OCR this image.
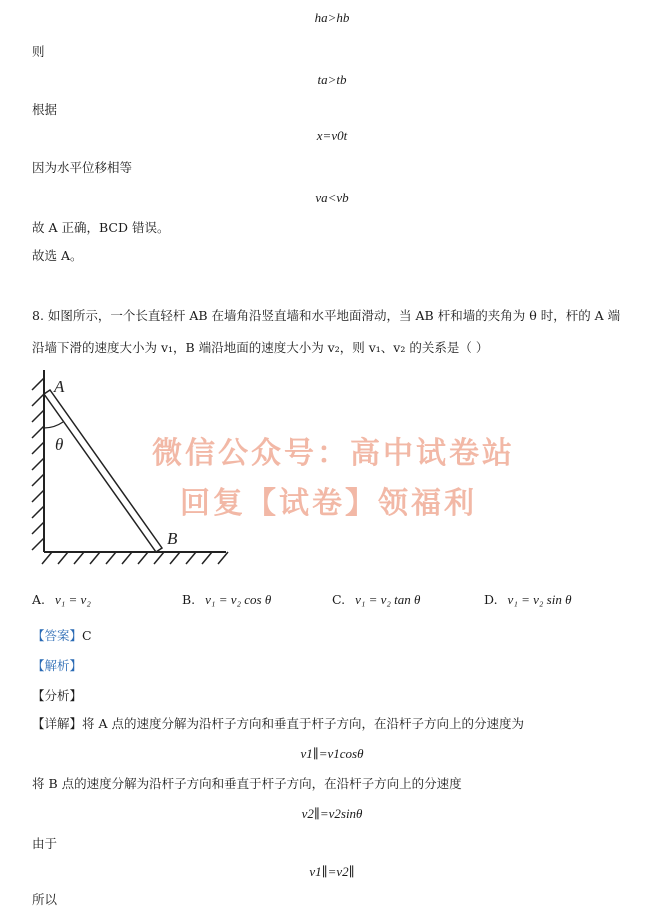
ha>hb
则
ta>tb
根据
x=v0t
因为水平位移相等
va<vb
故 A 正确，BCD 错误。
故选 A。
8. 如图所示，一个长直轻杆 AB 在墙角沿竖直墙和水平地面滑动，当 AB 杆和墙的夹角为 θ 时，杆的 A 端
沿墙下滑的速度大小为 v₁，B 端沿地面的速度大小为 v₂，则 v₁、v₂ 的关系是（ ）
A
θ
B
微信公众号：高中试卷站
回复【试卷】领福利
A. v₁ = v₂	B. v₁ = v₂ cos θ	C. v₁ = v₂ tan θ	D. v₁ = v₂ sin θ
【答案】C
【解析】
【分析】
【详解】将 A 点的速度分解为沿杆子方向和垂直于杆子方向，在沿杆子方向上的分速度为
v1∥=v1cosθ
将 B 点的速度分解为沿杆子方向和垂直于杆子方向，在沿杆子方向上的分速度
v2∥=v2sinθ
由于
v1∥=v2∥
所以
